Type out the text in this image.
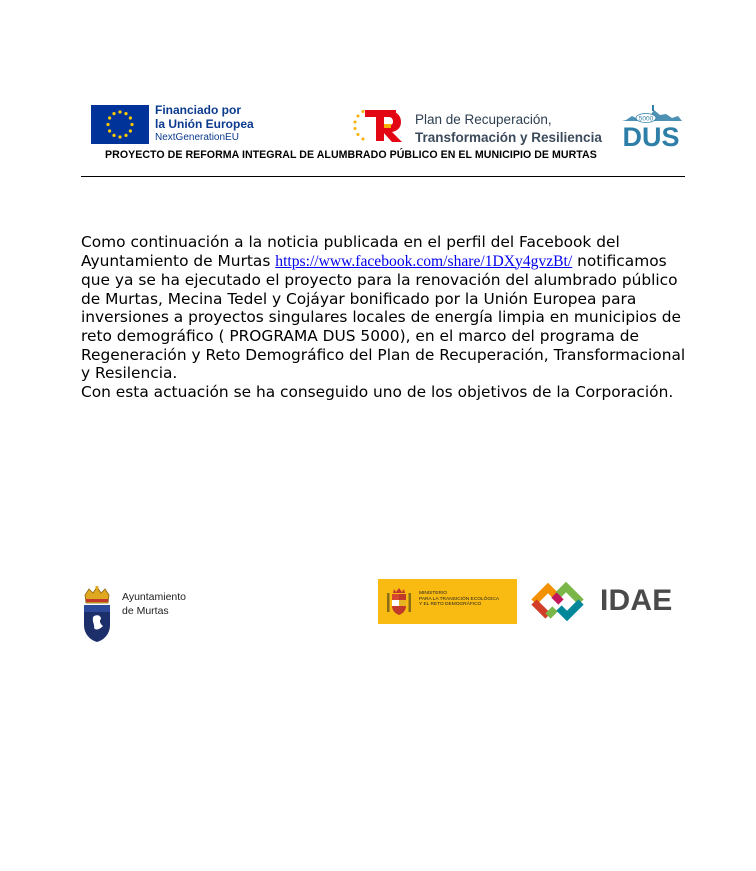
Financiado por
la Unión Europea
NextGenerationEU
Plan de Recuperación,
Transformación y Resiliencia
5000
DUS
PROYECTO DE REFORMA INTEGRAL DE ALUMBRADO PÚBLICO EN EL MUNICIPIO DE MURTAS

Como continuación a la noticia publicada en el perfil del Facebook del Ayuntamiento de Murtas https://www.facebook.com/share/1DXy4gvzBt/ notificamos que ya se ha ejecutado el proyecto para la renovación del alumbrado público de Murtas, Mecina Tedel y Cojáyar bonificado por la Unión Europea para inversiones a proyectos singulares locales de energía limpia en municipios de reto demográfico ( PROGRAMA DUS 5000), en el marco del programa de Regeneración y Reto Demográfico del Plan de Recuperación, Transformacional y Resilencia.

Con esta actuación se ha conseguido uno de los objetivos de la Corporación.

Ayuntamiento
de Murtas
MINISTERIO
PARA LA TRANSICIÓN ECOLÓGICA
Y EL RETO DEMOGRÁFICO	IDAE
